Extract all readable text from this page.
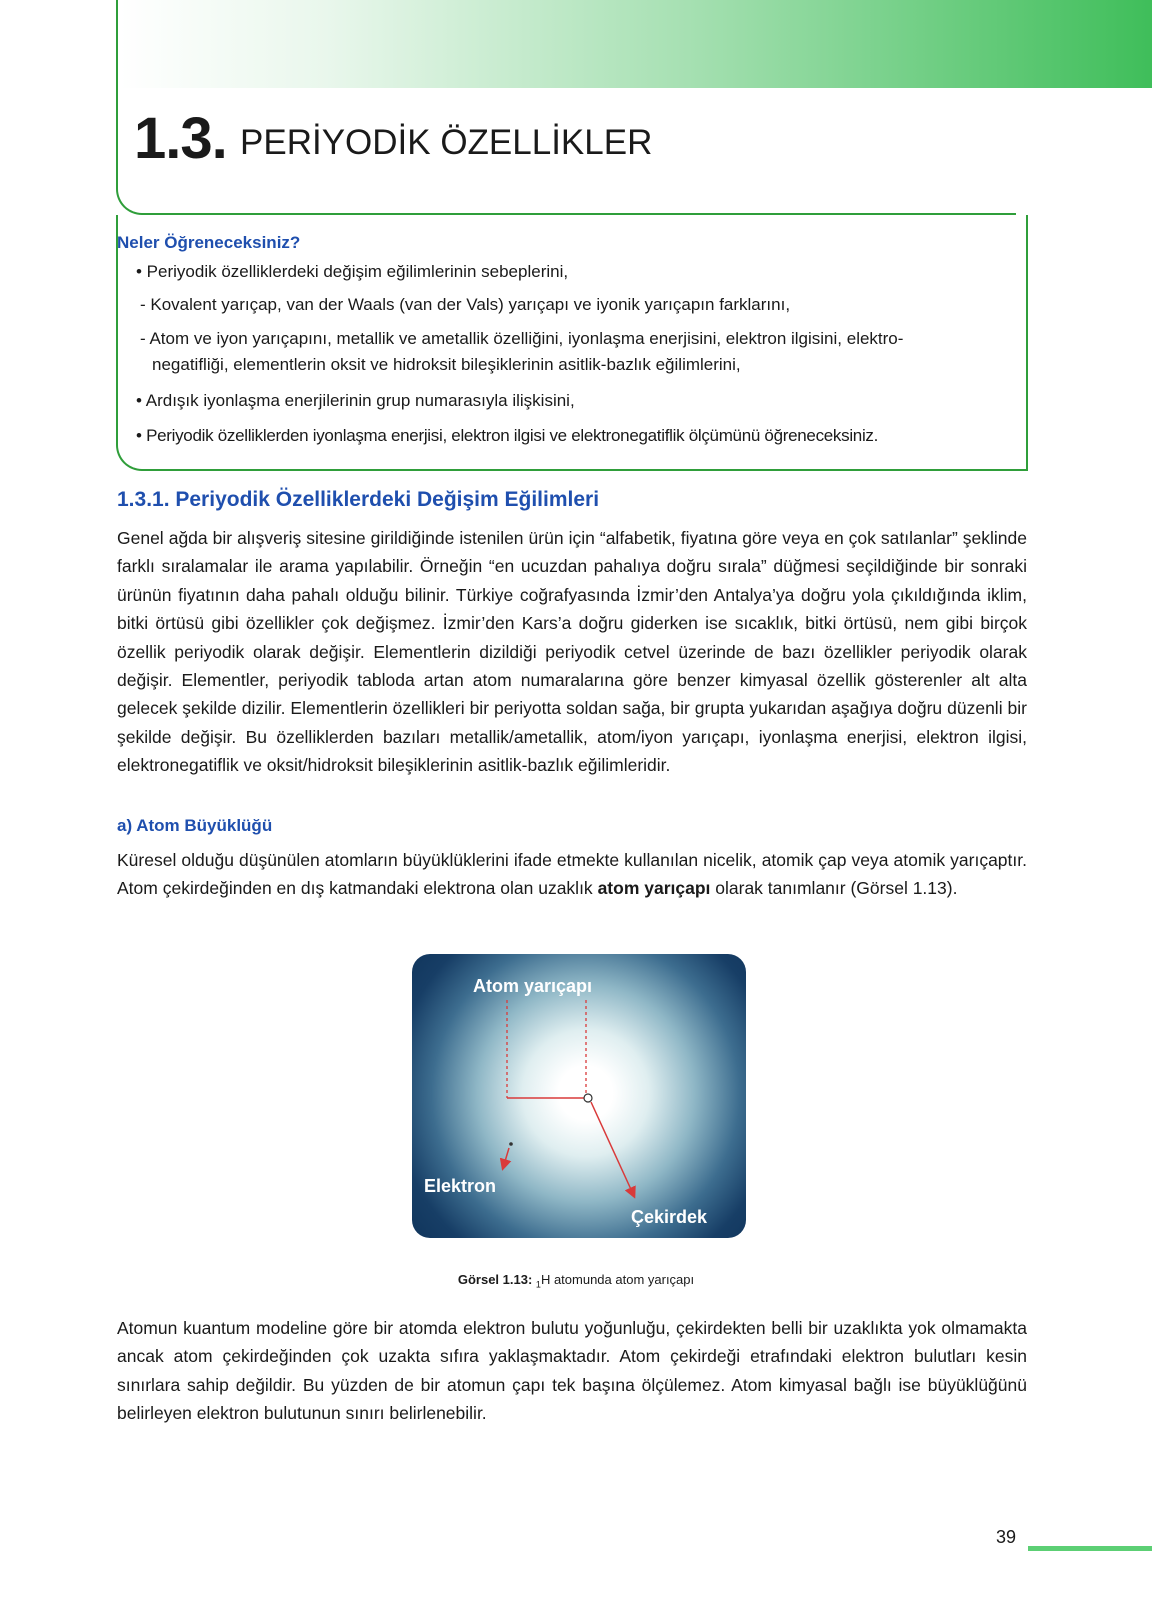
1.3. PERİYODİK ÖZELLİKLER
Neler Öğreneceksiniz?
• Periyodik özelliklerdeki değişim eğilimlerinin sebeplerini,
- Kovalent yarıçap, van der Waals (van der Vals) yarıçapı ve iyonik yarıçapın farklarını,
- Atom ve iyon yarıçapını, metallik ve ametallik özelliğini, iyonlaşma enerjisini, elektron ilgisini, elektro-
negatifliği, elementlerin oksit ve hidroksit bileşiklerinin asitlik-bazlık eğilimlerini,
• Ardışık iyonlaşma enerjilerinin grup numarasıyla ilişkisini,
• Periyodik özelliklerden iyonlaşma enerjisi, elektron ilgisi ve elektronegatiflik ölçümünü öğreneceksiniz.
1.3.1. Periyodik Özelliklerdeki Değişim Eğilimleri

Genel ağda bir alışveriş sitesine girildiğinde istenilen ürün için “alfabetik, fiyatına göre veya en çok satılanlar” şeklinde farklı sıralamalar ile arama yapılabilir. Örneğin “en ucuzdan pahalıya doğru sırala” düğmesi seçildiğinde bir sonraki ürünün fiyatının daha pahalı olduğu bilinir. Türkiye coğrafyasında İzmir’den Antalya’ya doğru yola çıkıldığında iklim, bitki örtüsü gibi özellikler çok değişmez. İzmir’den Kars’a doğru giderken ise sıcaklık, bitki örtüsü, nem gibi birçok özellik periyodik olarak değişir. Elementlerin dizildiği periyodik cetvel üzerinde de bazı özellikler periyodik olarak değişir. Elementler, periyodik tabloda artan atom numaralarına göre benzer kimyasal özellik gösterenler alt alta gelecek şekilde dizilir. Elementlerin özellikleri bir periyotta soldan sağa, bir grupta yukarıdan aşağıya doğru düzenli bir şekilde değişir. Bu özelliklerden bazıları metallik/ametallik, atom/iyon yarıçapı, iyonlaşma enerjisi, elektron ilgisi, elektronegatiflik ve oksit/hidroksit bileşiklerinin asitlik-bazlık eğilimleridir.

a) Atom Büyüklüğü

Küresel olduğu düşünülen atomların büyüklüklerini ifade etmekte kullanılan nicelik, atomik çap veya atomik yarıçaptır. Atom çekirdeğinden en dış katmandaki elektrona olan uzaklık atom yarıçapı olarak tanımlanır (Görsel 1.13).

Atom yarıçapı
Elektron
Çekirdek
Görsel 1.13: $_1$H atomunda atom yarıçapı

Atomun kuantum modeline göre bir atomda elektron bulutu yoğunluğu, çekirdekten belli bir uzaklıkta yok olmamakta ancak atom çekirdeğinden çok uzakta sıfıra yaklaşmaktadır. Atom çekirdeği etrafındaki elektron bulutları kesin sınırlara sahip değildir. Bu yüzden de bir atomun çapı tek başına ölçülemez. Atom kimyasal bağlı ise büyüklüğünü belirleyen elektron bulutunun sınırı belirlenebilir.

39
